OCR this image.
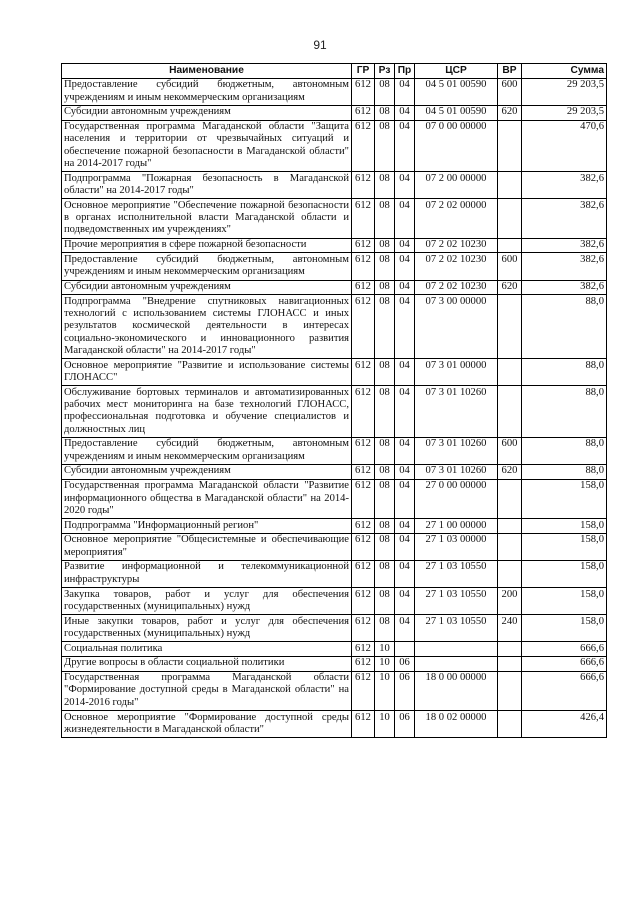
91
Наименование	ГР	Рз	Пр	ЦСР	ВР	Сумма
Предоставление субсидий бюджетным, автономным учреждениям и иным некоммерческим организациям	612	08	04	04 5 01 00590	600	29 203,5
Субсидии автономным учреждениям	612	08	04	04 5 01 00590	620	29 203,5
Государственная программа Магаданской области "Защита населения и территории от чрезвычайных ситуаций и обеспечение пожарной безопасности в Магаданской области" на 2014-2017 годы"	612	08	04	07 0 00 00000		470,6
Подпрограмма "Пожарная безопасность в Магаданской области" на 2014-2017 годы"	612	08	04	07 2 00 00000		382,6
Основное мероприятие "Обеспечение пожарной безопасности в органах исполнительной власти Магаданской области и подведомственных им учреждениях"	612	08	04	07 2 02 00000		382,6
Прочие мероприятия в сфере пожарной безопасности	612	08	04	07 2 02 10230		382,6
Предоставление субсидий бюджетным, автономным учреждениям и иным некоммерческим организациям	612	08	04	07 2 02 10230	600	382,6
Субсидии автономным учреждениям	612	08	04	07 2 02 10230	620	382,6
Подпрограмма "Внедрение спутниковых навигационных технологий с использованием системы ГЛОНАСС и иных результатов космической деятельности в интересах социально-экономического и инновационного развития Магаданской области" на 2014-2017 годы"	612	08	04	07 3 00 00000		88,0
Основное мероприятие "Развитие и использование системы ГЛОНАСС"	612	08	04	07 3 01 00000		88,0
Обслуживание бортовых терминалов и автоматизированных рабочих мест мониторинга на базе технологий ГЛОНАСС, профессиональная подготовка и обучение специалистов и должностных лиц	612	08	04	07 3 01 10260		88,0
Предоставление субсидий бюджетным, автономным учреждениям и иным некоммерческим организациям	612	08	04	07 3 01 10260	600	88,0
Субсидии автономным учреждениям	612	08	04	07 3 01 10260	620	88,0
Государственная программа Магаданской области "Развитие информационного общества в Магаданской области" на 2014-2020 годы"	612	08	04	27 0 00 00000		158,0
Подпрограмма "Информационный регион"	612	08	04	27 1 00 00000		158,0
Основное мероприятие "Общесистемные и обеспечивающие мероприятия"	612	08	04	27 1 03 00000		158,0
Развитие информационной и телекоммуникационной инфраструктуры	612	08	04	27 1 03 10550		158,0
Закупка товаров, работ и услуг для обеспечения государственных (муниципальных) нужд	612	08	04	27 1 03 10550	200	158,0
Иные закупки товаров, работ и услуг для обеспечения государственных (муниципальных) нужд	612	08	04	27 1 03 10550	240	158,0
Социальная политика	612	10				666,6
Другие вопросы в области социальной политики	612	10	06			666,6
Государственная программа Магаданской области "Формирование доступной среды в Магаданской области" на 2014-2016 годы"	612	10	06	18 0 00 00000		666,6
Основное мероприятие "Формирование доступной среды жизнедеятельности в Магаданской области"	612	10	06	18 0 02 00000		426,4
